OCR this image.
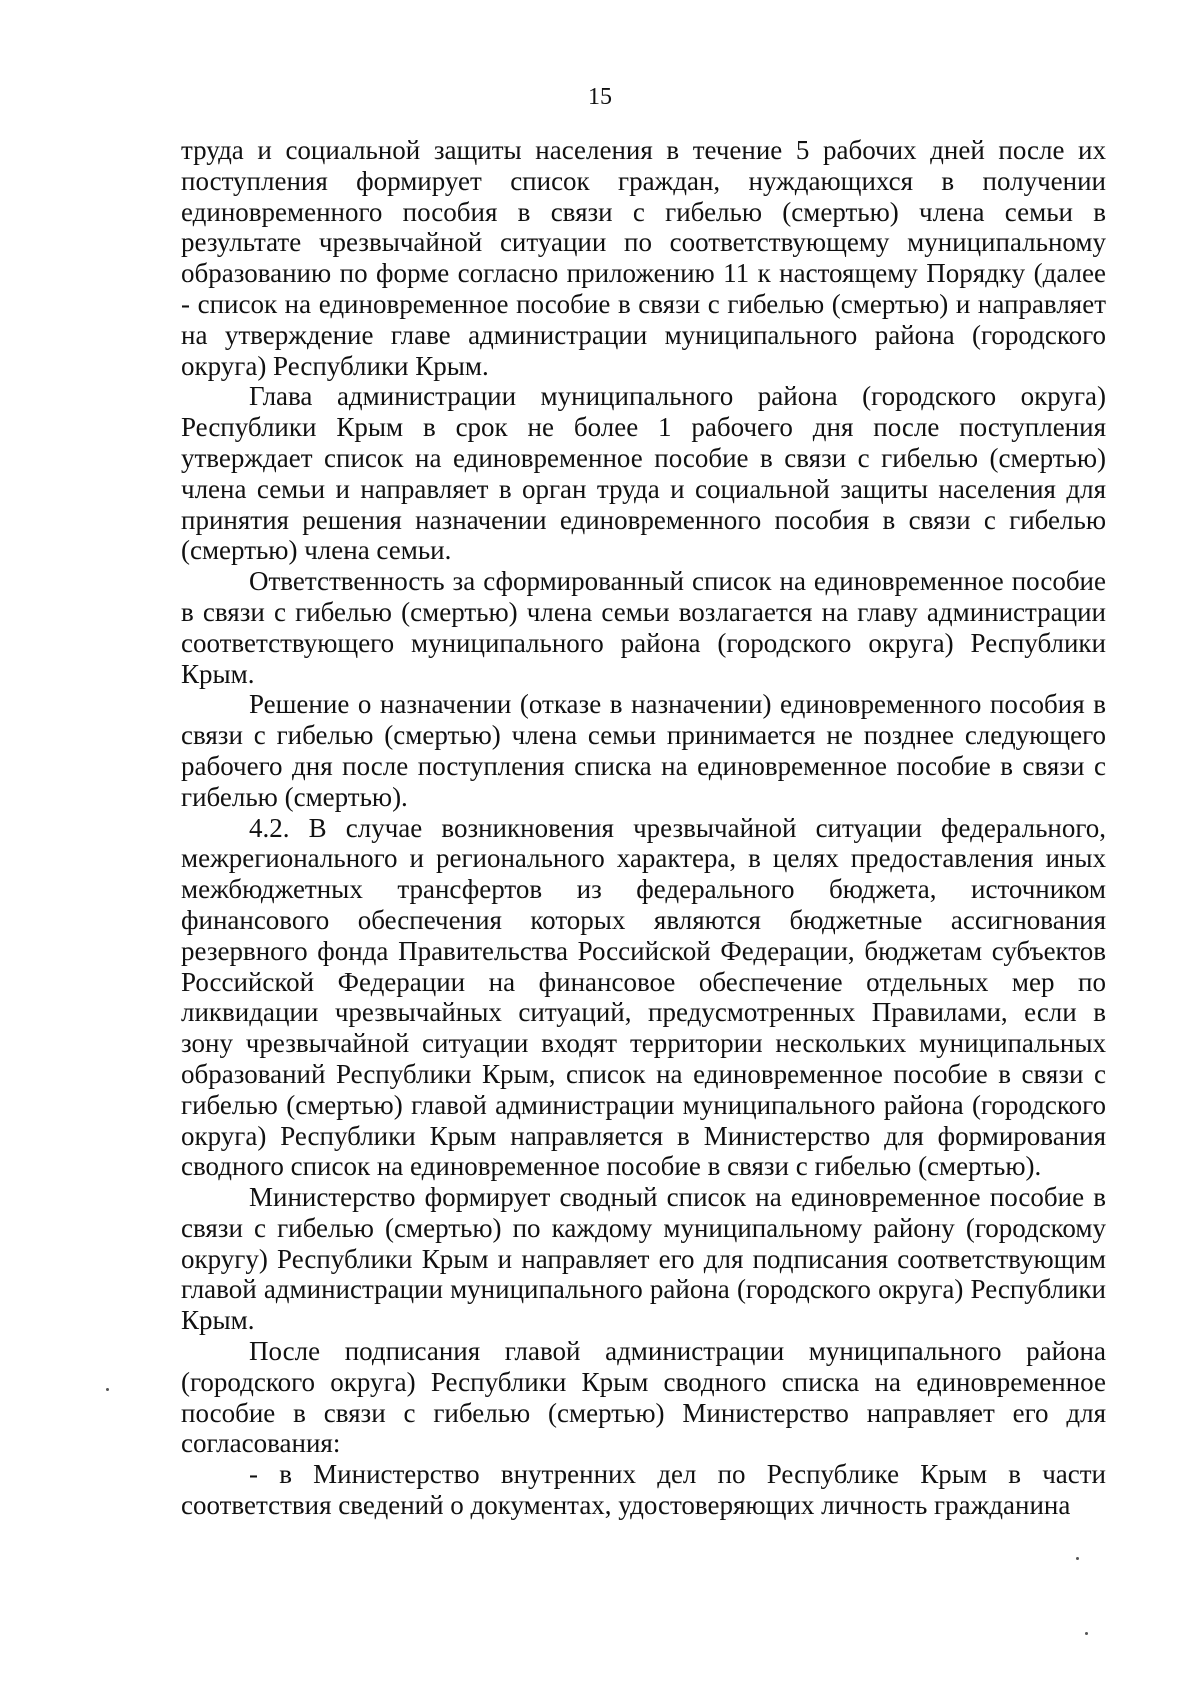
15

труда и социальной защиты населения в течение 5 рабочих дней после их поступления формирует список граждан, нуждающихся в получении единовременного пособия в связи с гибелью (смертью) члена семьи в результате чрезвычайной ситуации по соответствующему муниципальному образованию по форме согласно приложению 11 к настоящему Порядку (далее - список на единовременное пособие в связи с гибелью (смертью) и направляет на утверждение главе администрации муниципального района (городского округа) Республики Крым.

Глава администрации муниципального района (городского округа) Республики Крым в срок не более 1 рабочего дня после поступления утверждает список на единовременное пособие в связи с гибелью (смертью) члена семьи и направляет в орган труда и социальной защиты населения для принятия решения назначении единовременного пособия в связи с гибелью (смертью) члена семьи.

Ответственность за сформированный список на единовременное пособие в связи с гибелью (смертью) члена семьи возлагается на главу администрации соответствующего муниципального района (городского округа) Республики Крым.

Решение о назначении (отказе в назначении) единовременного пособия в связи с гибелью (смертью) члена семьи принимается не позднее следующего рабочего дня после поступления списка на единовременное пособие в связи с гибелью (смертью).

4.2. В случае возникновения чрезвычайной ситуации федерального, межрегионального и регионального характера, в целях предоставления иных межбюджетных трансфертов из федерального бюджета, источником финансового обеспечения которых являются бюджетные ассигнования резервного фонда Правительства Российской Федерации, бюджетам субъектов Российской Федерации на финансовое обеспечение отдельных мер по ликвидации чрезвычайных ситуаций, предусмотренных Правилами, если в зону чрезвычайной ситуации входят территории нескольких муниципальных образований Республики Крым, список на единовременное пособие в связи с гибелью (смертью) главой администрации муниципального района (городского округа) Республики Крым направляется в Министерство для формирования сводного список на единовременное пособие в связи с гибелью (смертью).

Министерство формирует сводный список на единовременное пособие в связи с гибелью (смертью) по каждому муниципальному району (городскому округу) Республики Крым и направляет его для подписания соответствующим главой администрации муниципального района (городского округа) Республики Крым.

После подписания главой администрации муниципального района (городского округа) Республики Крым сводного списка на единовременное пособие в связи с гибелью (смертью) Министерство направляет его для согласования:

- в Министерство внутренних дел по Республике Крым в части соответствия сведений о документах, удостоверяющих личность гражданина
